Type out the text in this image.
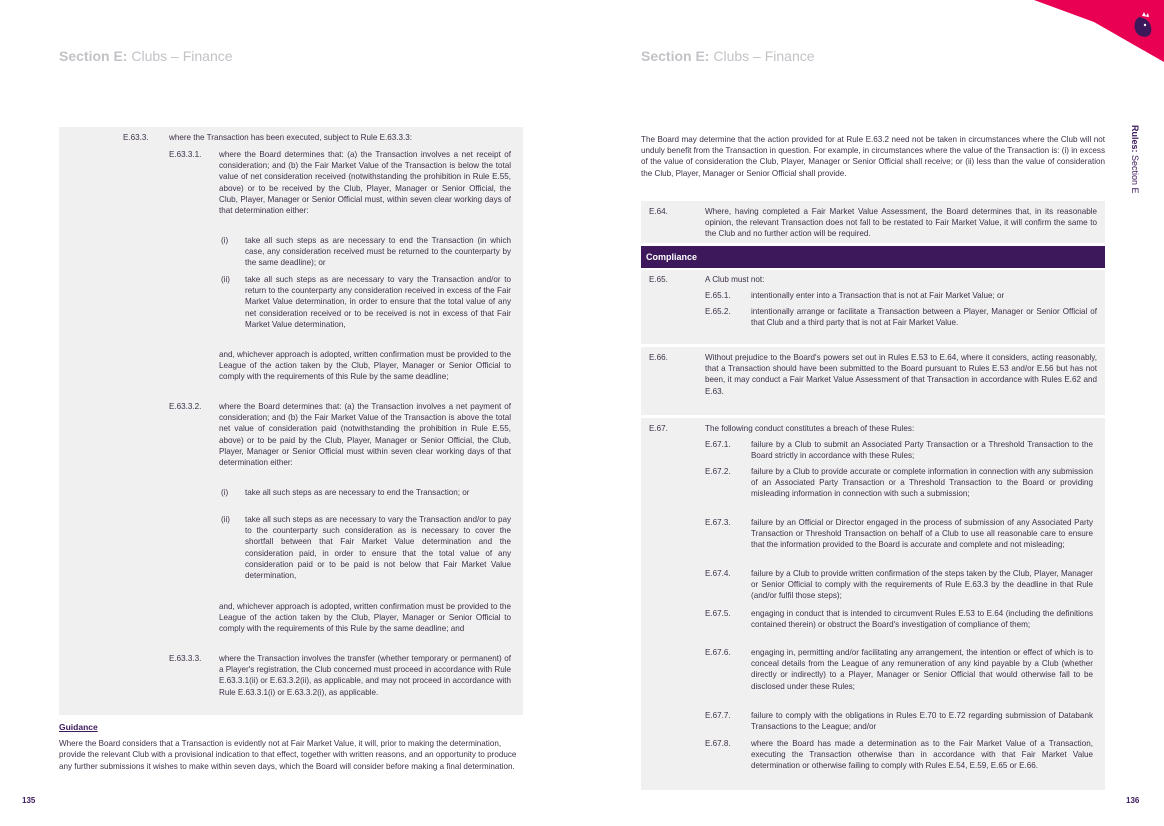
Section E: Clubs – Finance
E.63.3.	where the Transaction has been executed, subject to Rule E.63.3.3:
E.63.3.1. where the Board determines that: (a) the Transaction involves a net receipt of consideration; and (b) the Fair Market Value of the Transaction is below the total value of net consideration received (notwithstanding the prohibition in Rule E.55, above) or to be received by the Club, Player, Manager or Senior Official, the Club, Player, Manager or Senior Official must, within seven clear working days of that determination either:
(i) take all such steps as are necessary to end the Transaction (in which case, any consideration received must be returned to the counterparty by the same deadline); or
(ii) take all such steps as are necessary to vary the Transaction and/or to return to the counterparty any consideration received in excess of the Fair Market Value determination, in order to ensure that the total value of any net consideration received or to be received is not in excess of that Fair Market Value determination,
and, whichever approach is adopted, written confirmation must be provided to the League of the action taken by the Club, Player, Manager or Senior Official to comply with the requirements of this Rule by the same deadline;
E.63.3.2. where the Board determines that: (a) the Transaction involves a net payment of consideration; and (b) the Fair Market Value of the Transaction is above the total net value of consideration paid (notwithstanding the prohibition in Rule E.55, above) or to be paid by the Club, Player, Manager or Senior Official, the Club, Player, Manager or Senior Official must within seven clear working days of that determination either:
(i) take all such steps as are necessary to end the Transaction; or
(ii) take all such steps as are necessary to vary the Transaction and/or to pay to the counterparty such consideration as is necessary to cover the shortfall between that Fair Market Value determination and the consideration paid, in order to ensure that the total value of any consideration paid or to be paid is not below that Fair Market Value determination,
and, whichever approach is adopted, written confirmation must be provided to the League of the action taken by the Club, Player, Manager or Senior Official to comply with the requirements of this Rule by the same deadline; and
E.63.3.3. where the Transaction involves the transfer (whether temporary or permanent) of a Player's registration, the Club concerned must proceed in accordance with Rule E.63.3.1(ii) or E.63.3.2(ii), as applicable, and may not proceed in accordance with Rule E.63.3.1(i) or E.63.3.2(i), as applicable.
Guidance
Where the Board considers that a Transaction is evidently not at Fair Market Value, it will, prior to making the determination, provide the relevant Club with a provisional indication to that effect, together with written reasons, and an opportunity to produce any further submissions it wishes to make within seven days, which the Board will consider before making a final determination.
135
Section E: Clubs – Finance
The Board may determine that the action provided for at Rule E.63.2 need not be taken in circumstances where the Club will not unduly benefit from the Transaction in question. For example, in circumstances where the value of the Transaction is: (i) in excess of the value of consideration the Club, Player, Manager or Senior Official shall receive; or (ii) less than the value of consideration the Club, Player, Manager or Senior Official shall provide.
E.64.	Where, having completed a Fair Market Value Assessment, the Board determines that, in its reasonable opinion, the relevant Transaction does not fall to be restated to Fair Market Value, it will confirm the same to the Club and no further action will be required.
Compliance
E.65.	A Club must not:
E.65.1.	intentionally enter into a Transaction that is not at Fair Market Value; or
E.65.2.	intentionally arrange or facilitate a Transaction between a Player, Manager or Senior Official of that Club and a third party that is not at Fair Market Value.
E.66.	Without prejudice to the Board's powers set out in Rules E.53 to E.64, where it considers, acting reasonably, that a Transaction should have been submitted to the Board pursuant to Rules E.53 and/or E.56 but has not been, it may conduct a Fair Market Value Assessment of that Transaction in accordance with Rules E.62 and E.63.
E.67.	The following conduct constitutes a breach of these Rules:
E.67.1.	failure by a Club to submit an Associated Party Transaction or a Threshold Transaction to the Board strictly in accordance with these Rules;
E.67.2.	failure by a Club to provide accurate or complete information in connection with any submission of an Associated Party Transaction or a Threshold Transaction to the Board or providing misleading information in connection with such a submission;
E.67.3.	failure by an Official or Director engaged in the process of submission of any Associated Party Transaction or Threshold Transaction on behalf of a Club to use all reasonable care to ensure that the information provided to the Board is accurate and complete and not misleading;
E.67.4.	failure by a Club to provide written confirmation of the steps taken by the Club, Player, Manager or Senior Official to comply with the requirements of Rule E.63.3 by the deadline in that Rule (and/or fulfil those steps);
E.67.5.	engaging in conduct that is intended to circumvent Rules E.53 to E.64 (including the definitions contained therein) or obstruct the Board's investigation of compliance of them;
E.67.6.	engaging in, permitting and/or facilitating any arrangement, the intention or effect of which is to conceal details from the League of any remuneration of any kind payable by a Club (whether directly or indirectly) to a Player, Manager or Senior Official that would otherwise fall to be disclosed under these Rules;
E.67.7.	failure to comply with the obligations in Rules E.70 to E.72 regarding submission of Databank Transactions to the League; and/or
E.67.8.	where the Board has made a determination as to the Fair Market Value of a Transaction, executing the Transaction otherwise than in accordance with that Fair Market Value determination or otherwise failing to comply with Rules E.54, E.59, E.65 or E.66.
Rules: Section E
136
